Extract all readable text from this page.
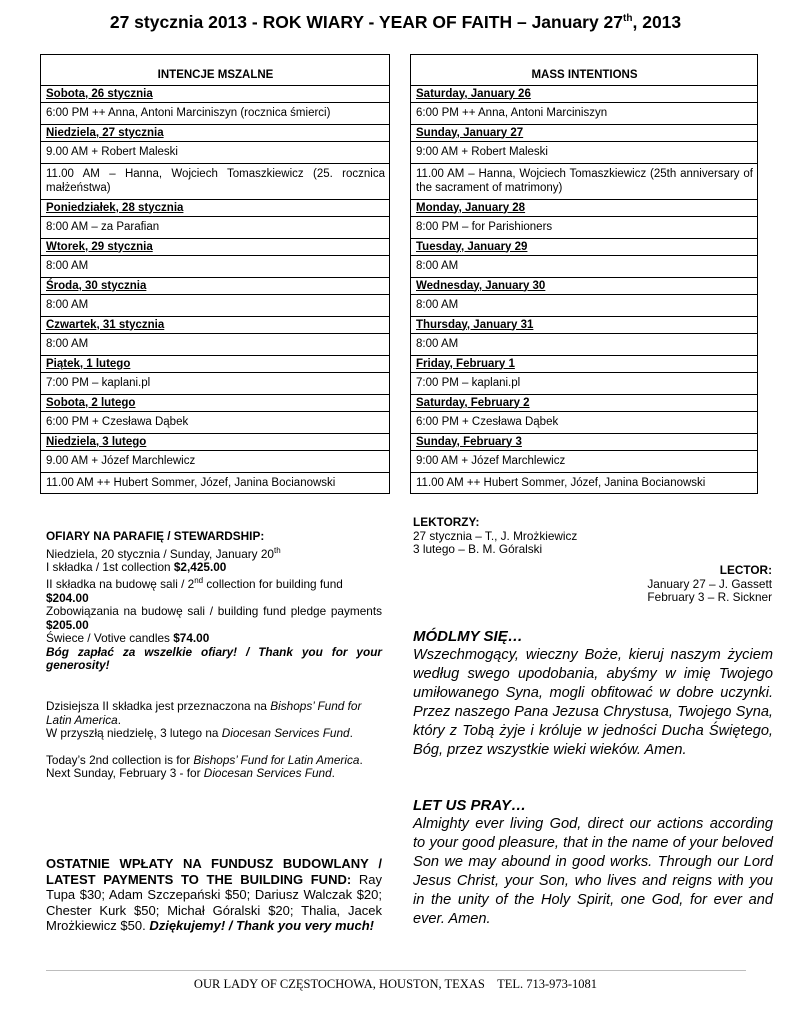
27 stycznia 2013 - ROK WIARY - YEAR OF FAITH – January 27th, 2013
INTENCJE MSZALNE
Sobota, 26 stycznia
6:00 PM ++ Anna, Antoni Marciniszyn (rocznica śmierci)
Niedziela, 27 stycznia
9.00 AM + Robert Maleski
11.00 AM – Hanna, Wojciech Tomaszkiewicz (25. rocznica małżeństwa)
Poniedziałek, 28 stycznia
8:00 AM – za Parafian
Wtorek, 29 stycznia
8:00 AM
Środa, 30 stycznia
8:00 AM
Czwartek, 31 stycznia
8:00 AM
Piątek, 1 lutego
7:00 PM – kaplani.pl
Sobota, 2 lutego
6:00 PM + Czesława Dąbek
Niedziela, 3 lutego
9.00 AM + Józef Marchlewicz
11.00 AM ++ Hubert Sommer, Józef, Janina Bocianowski
MASS INTENTIONS
Saturday, January 26
6:00 PM ++ Anna, Antoni Marciniszyn
Sunday, January 27
9:00 AM + Robert Maleski
11.00 AM – Hanna, Wojciech Tomaszkiewicz (25th anniversary of the sacrament of matrimony)
Monday, January 28
8:00 PM – for Parishioners
Tuesday, January 29
8:00 AM
Wednesday, January 30
8:00 AM
Thursday, January 31
8:00 AM
Friday, February 1
7:00 PM – kaplani.pl
Saturday, February 2
6:00 PM + Czesława Dąbek
Sunday, February 3
9:00 AM + Józef Marchlewicz
11.00 AM ++ Hubert Sommer, Józef, Janina Bocianowski

OFIARY NA PARAFIĘ / STEWARDSHIP:

Niedziela, 20 stycznia / Sunday, January 20th

I składka / 1st collection $2,425.00

II składka na budowę sali / 2nd collection for building fund
$204.00

Zobowiązania na budowę sali / building fund pledge payments $205.00

Świece / Votive candles $74.00

Bóg zapłać za wszelkie ofiary! / Thank you for your generosity!

Dzisiejsza II składka jest przeznaczona na Bishops’ Fund for Latin America.

W przyszłą niedzielę, 3 lutego na Diocesan Services Fund.

Today’s 2nd collection is for Bishops’ Fund for Latin America.

Next Sunday, February 3 - for Diocesan Services Fund.

OSTATNIE WPŁATY NA FUNDUSZ BUDOWLANY / LATEST PAYMENTS TO THE BUILDING FUND: Ray Tupa $30; Adam Szczepański $50; Dariusz Walczak $20; Chester Kurk $50; Michał Góralski $20; Thalia, Jacek Mrożkiewicz $50. Dziękujemy! / Thank you very much!

LEKTORZY:

27 stycznia – T., J. Mrożkiewicz

3 lutego – B. M. Góralski

LECTOR:

January 27 – J. Gassett

February 3 – R. Sickner

MÓDLMY SIĘ…

Wszechmogący, wieczny Boże, kieruj naszym życiem według swego upodobania, abyśmy w imię Twojego umiłowanego Syna, mogli obfitować w dobre uczynki. Przez naszego Pana Jezusa Chrystusa, Twojego Syna, który z Tobą żyje i króluje w jedności Ducha Świętego, Bóg, przez wszystkie wieki wieków. Amen.

LET US PRAY…

Almighty ever living God, direct our actions according to your good pleasure, that in the name of your beloved Son we may abound in good works. Through our Lord Jesus Christ, your Son, who lives and reigns with you in the unity of the Holy Spirit, one God, for ever and ever. Amen.

OUR LADY OF CZĘSTOCHOWA, HOUSTON, TEXAS    TEL. 713-973-1081
